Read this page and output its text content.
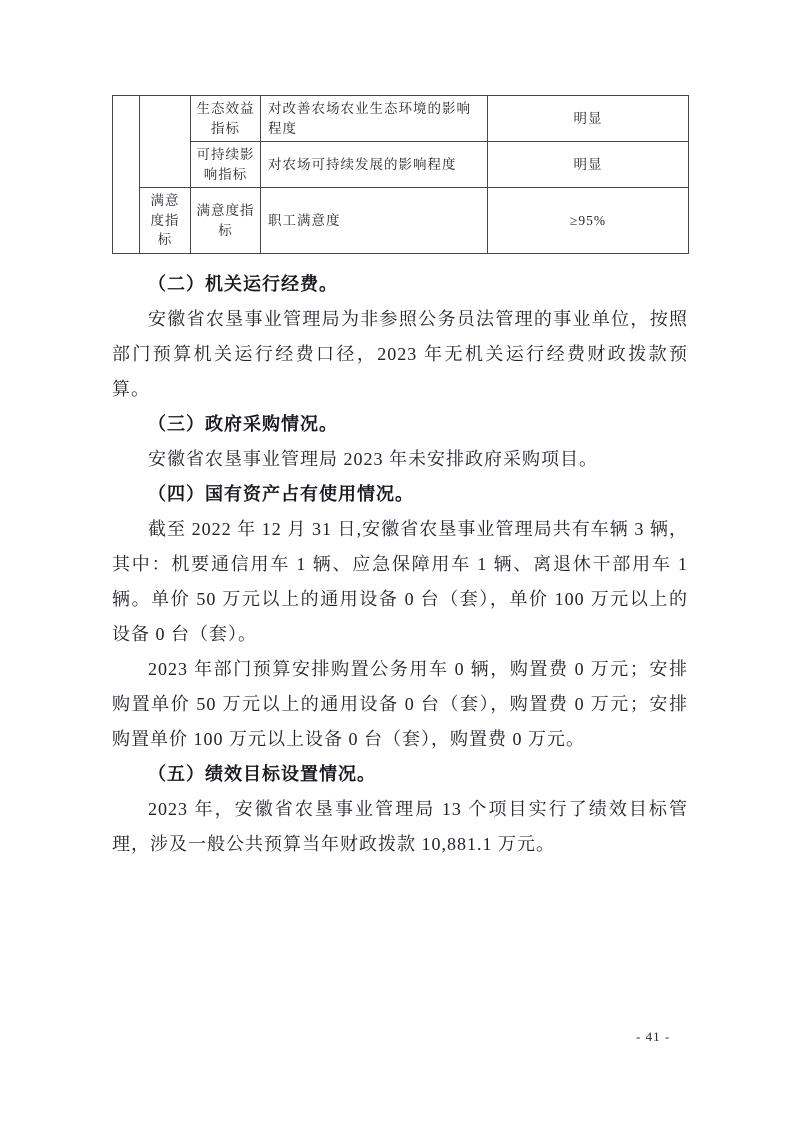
		生态效益指标	对改善农场农业生态环境的影响程度	明显
		可持续影响指标	对农场可持续发展的影响程度	明显
	满意度指标	满意度指标	职工满意度	≥95%
（二）机关运行经费。
安徽省农垦事业管理局为非参照公务员法管理的事业单位，按照部门预算机关运行经费口径，2023 年无机关运行经费财政拨款预算。
（三）政府采购情况。
安徽省农垦事业管理局 2023 年未安排政府采购项目。
（四）国有资产占有使用情况。
截至 2022 年 12 月 31 日,安徽省农垦事业管理局共有车辆 3 辆，其中：机要通信用车 1 辆、应急保障用车 1 辆、离退休干部用车 1 辆。单价 50 万元以上的通用设备 0 台（套），单价 100 万元以上的设备 0 台（套）。
2023 年部门预算安排购置公务用车 0 辆，购置费 0 万元；安排购置单价 50 万元以上的通用设备 0 台（套），购置费 0 万元；安排购置单价 100 万元以上设备 0 台（套），购置费 0 万元。
（五）绩效目标设置情况。
2023 年，安徽省农垦事业管理局 13 个项目实行了绩效目标管理，涉及一般公共预算当年财政拨款 10,881.1 万元。
- 41 -
